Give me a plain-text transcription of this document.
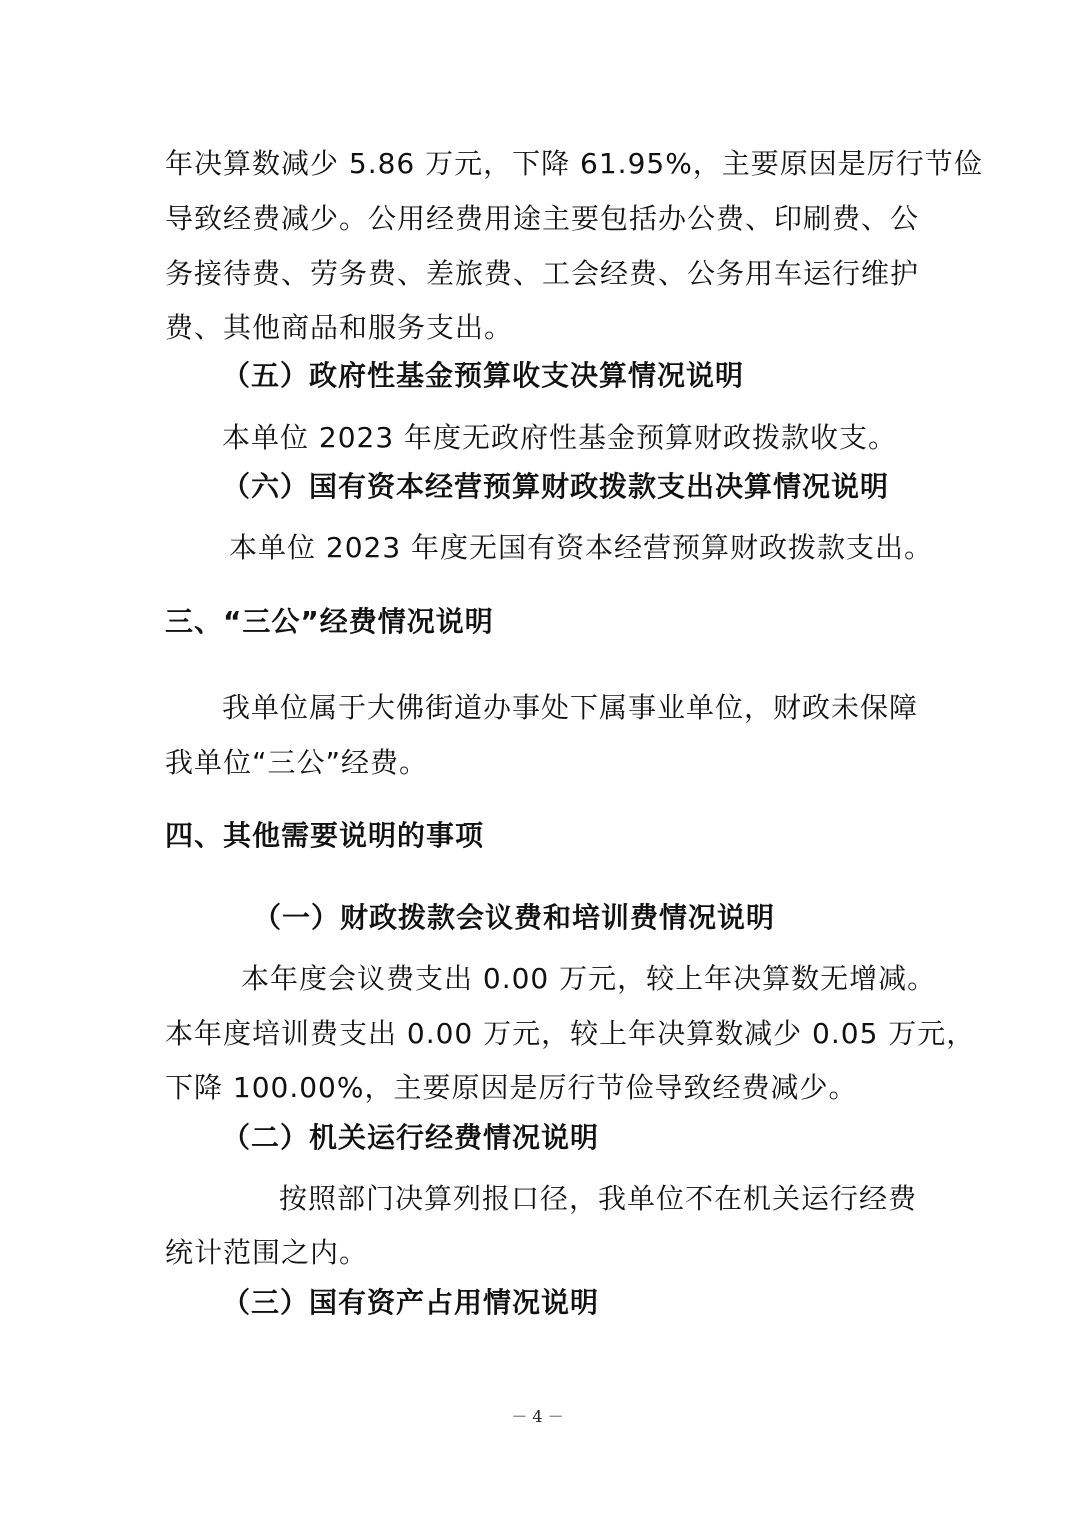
年决算数减少 5.86 万元，下降 61.95%，主要原因是厉行节俭
导致经费减少。公用经费用途主要包括办公费、印刷费、公
务接待费、劳务费、差旅费、工会经费、公务用车运行维护
费、其他商品和服务支出。
（五）政府性基金预算收支决算情况说明
本单位 2023 年度无政府性基金预算财政拨款收支。
（六）国有资本经营预算财政拨款支出决算情况说明
本单位 2023 年度无国有资本经营预算财政拨款支出。
三、“三公”经费情况说明
我单位属于大佛街道办事处下属事业单位，财政未保障
我单位“三公”经费。
四、其他需要说明的事项
（一）财政拨款会议费和培训费情况说明
本年度会议费支出 0.00 万元，较上年决算数无增减。
本年度培训费支出 0.00 万元，较上年决算数减少 0.05 万元，
下降 100.00%，主要原因是厉行节俭导致经费减少。
（二）机关运行经费情况说明
按照部门决算列报口径，我单位不在机关运行经费
统计范围之内。
（三）国有资产占用情况说明
－ 4 －
